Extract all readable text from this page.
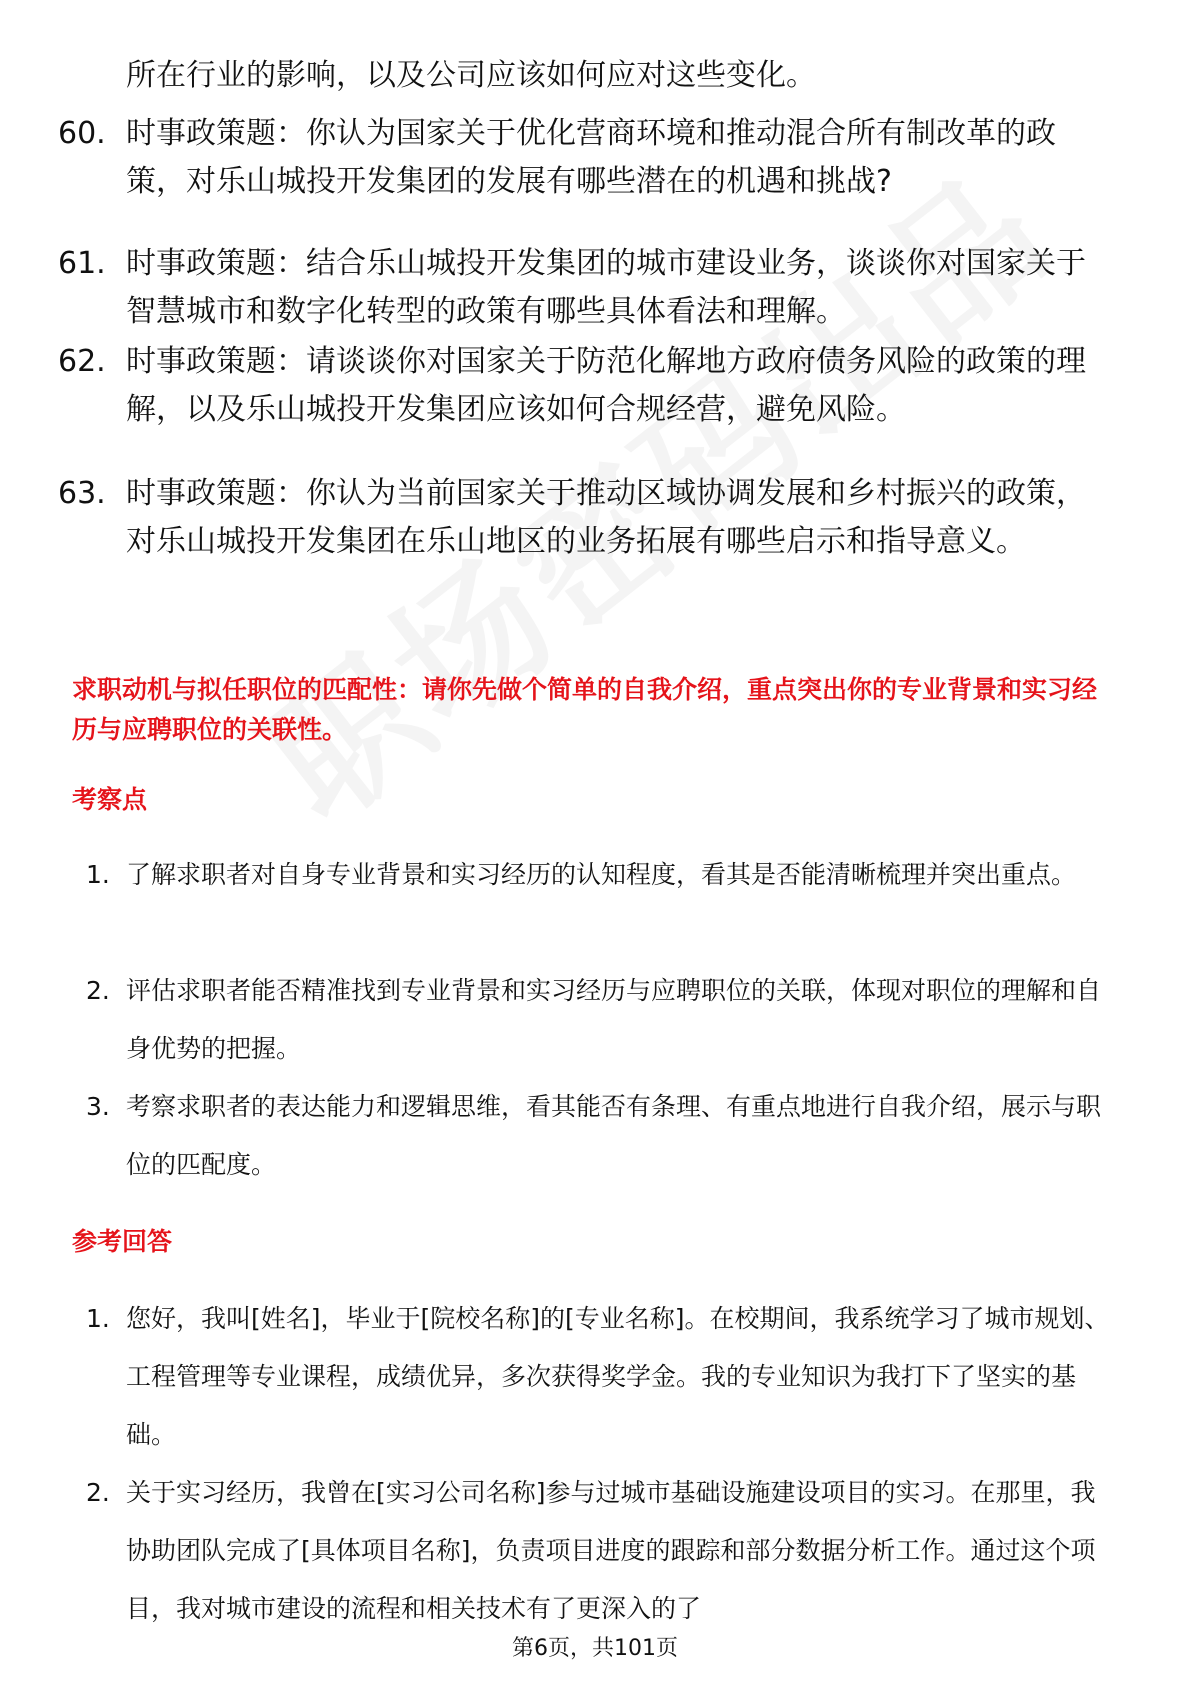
所在行业的影响，以及公司应该如何应对这些变化。

60. 时事政策题：你认为国家关于优化营商环境和推动混合所有制改革的政策，对乐山城投开发集团的发展有哪些潜在的机遇和挑战?
61. 时事政策题：结合乐山城投开发集团的城市建设业务，谈谈你对国家关于智慧城市和数字化转型的政策有哪些具体看法和理解。
62. 时事政策题：请谈谈你对国家关于防范化解地方政府债务风险的政策的理解，以及乐山城投开发集团应该如何合规经营，避免风险。
63. 时事政策题：你认为当前国家关于推动区域协调发展和乡村振兴的政策，对乐山城投开发集团在乐山地区的业务拓展有哪些启示和指导意义。

求职动机与拟任职位的匹配性：请你先做个简单的自我介绍，重点突出你的专业背景和实习经历与应聘职位的关联性。

考察点

1. 了解求职者对自身专业背景和实习经历的认知程度，看其是否能清晰梳理并突出重点。
2. 评估求职者能否精准找到专业背景和实习经历与应聘职位的关联，体现对职位的理解和自身优势的把握。
3. 考察求职者的表达能力和逻辑思维，看其能否有条理、有重点地进行自我介绍，展示与职位的匹配度。

参考回答

1. 您好，我叫[姓名]，毕业于[院校名称]的[专业名称]。在校期间，我系统学习了城市规划、工程管理等专业课程，成绩优异，多次获得奖学金。我的专业知识为我打下了坚实的基础。
2. 关于实习经历，我曾在[实习公司名称]参与过城市基础设施建设项目的实习。在那里，我协助团队完成了[具体项目名称]，负责项目进度的跟踪和部分数据分析工作。通过这个项目，我对城市建设的流程和相关技术有了更深入的了

第6页，共101页
